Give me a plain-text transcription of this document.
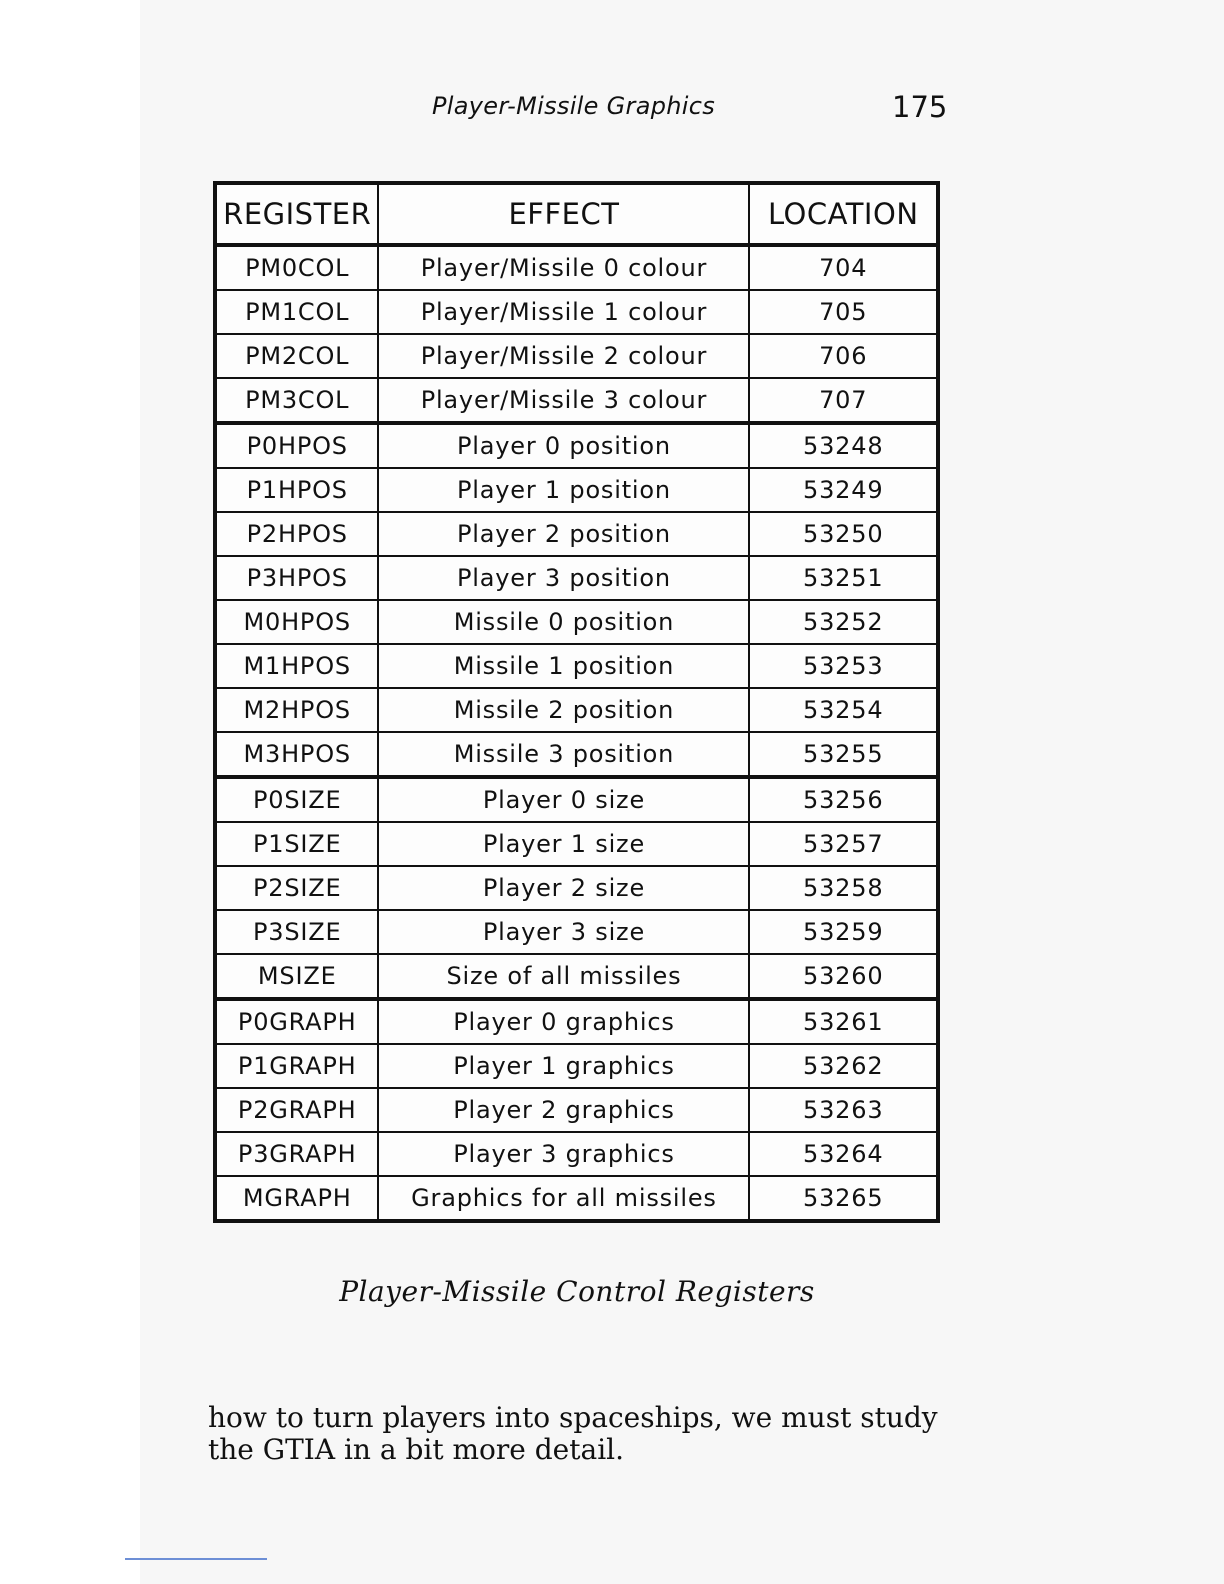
Player-Missile Graphics	175
REGISTER	EFFECT	LOCATION
PM0COL	Player/Missile 0 colour	704
PM1COL	Player/Missile 1 colour	705
PM2COL	Player/Missile 2 colour	706
PM3COL	Player/Missile 3 colour	707
P0HPOS	Player 0 position	53248
P1HPOS	Player 1 position	53249
P2HPOS	Player 2 position	53250
P3HPOS	Player 3 position	53251
M0HPOS	Missile 0 position	53252
M1HPOS	Missile 1 position	53253
M2HPOS	Missile 2 position	53254
M3HPOS	Missile 3 position	53255
P0SIZE	Player 0 size	53256
P1SIZE	Player 1 size	53257
P2SIZE	Player 2 size	53258
P3SIZE	Player 3 size	53259
MSIZE	Size of all missiles	53260
P0GRAPH	Player 0 graphics	53261
P1GRAPH	Player 1 graphics	53262
P2GRAPH	Player 2 graphics	53263
P3GRAPH	Player 3 graphics	53264
MGRAPH	Graphics for all missiles	53265
Player-Missile Control Registers
how to turn players into spaceships, we must study
the GTIA in a bit more detail.
